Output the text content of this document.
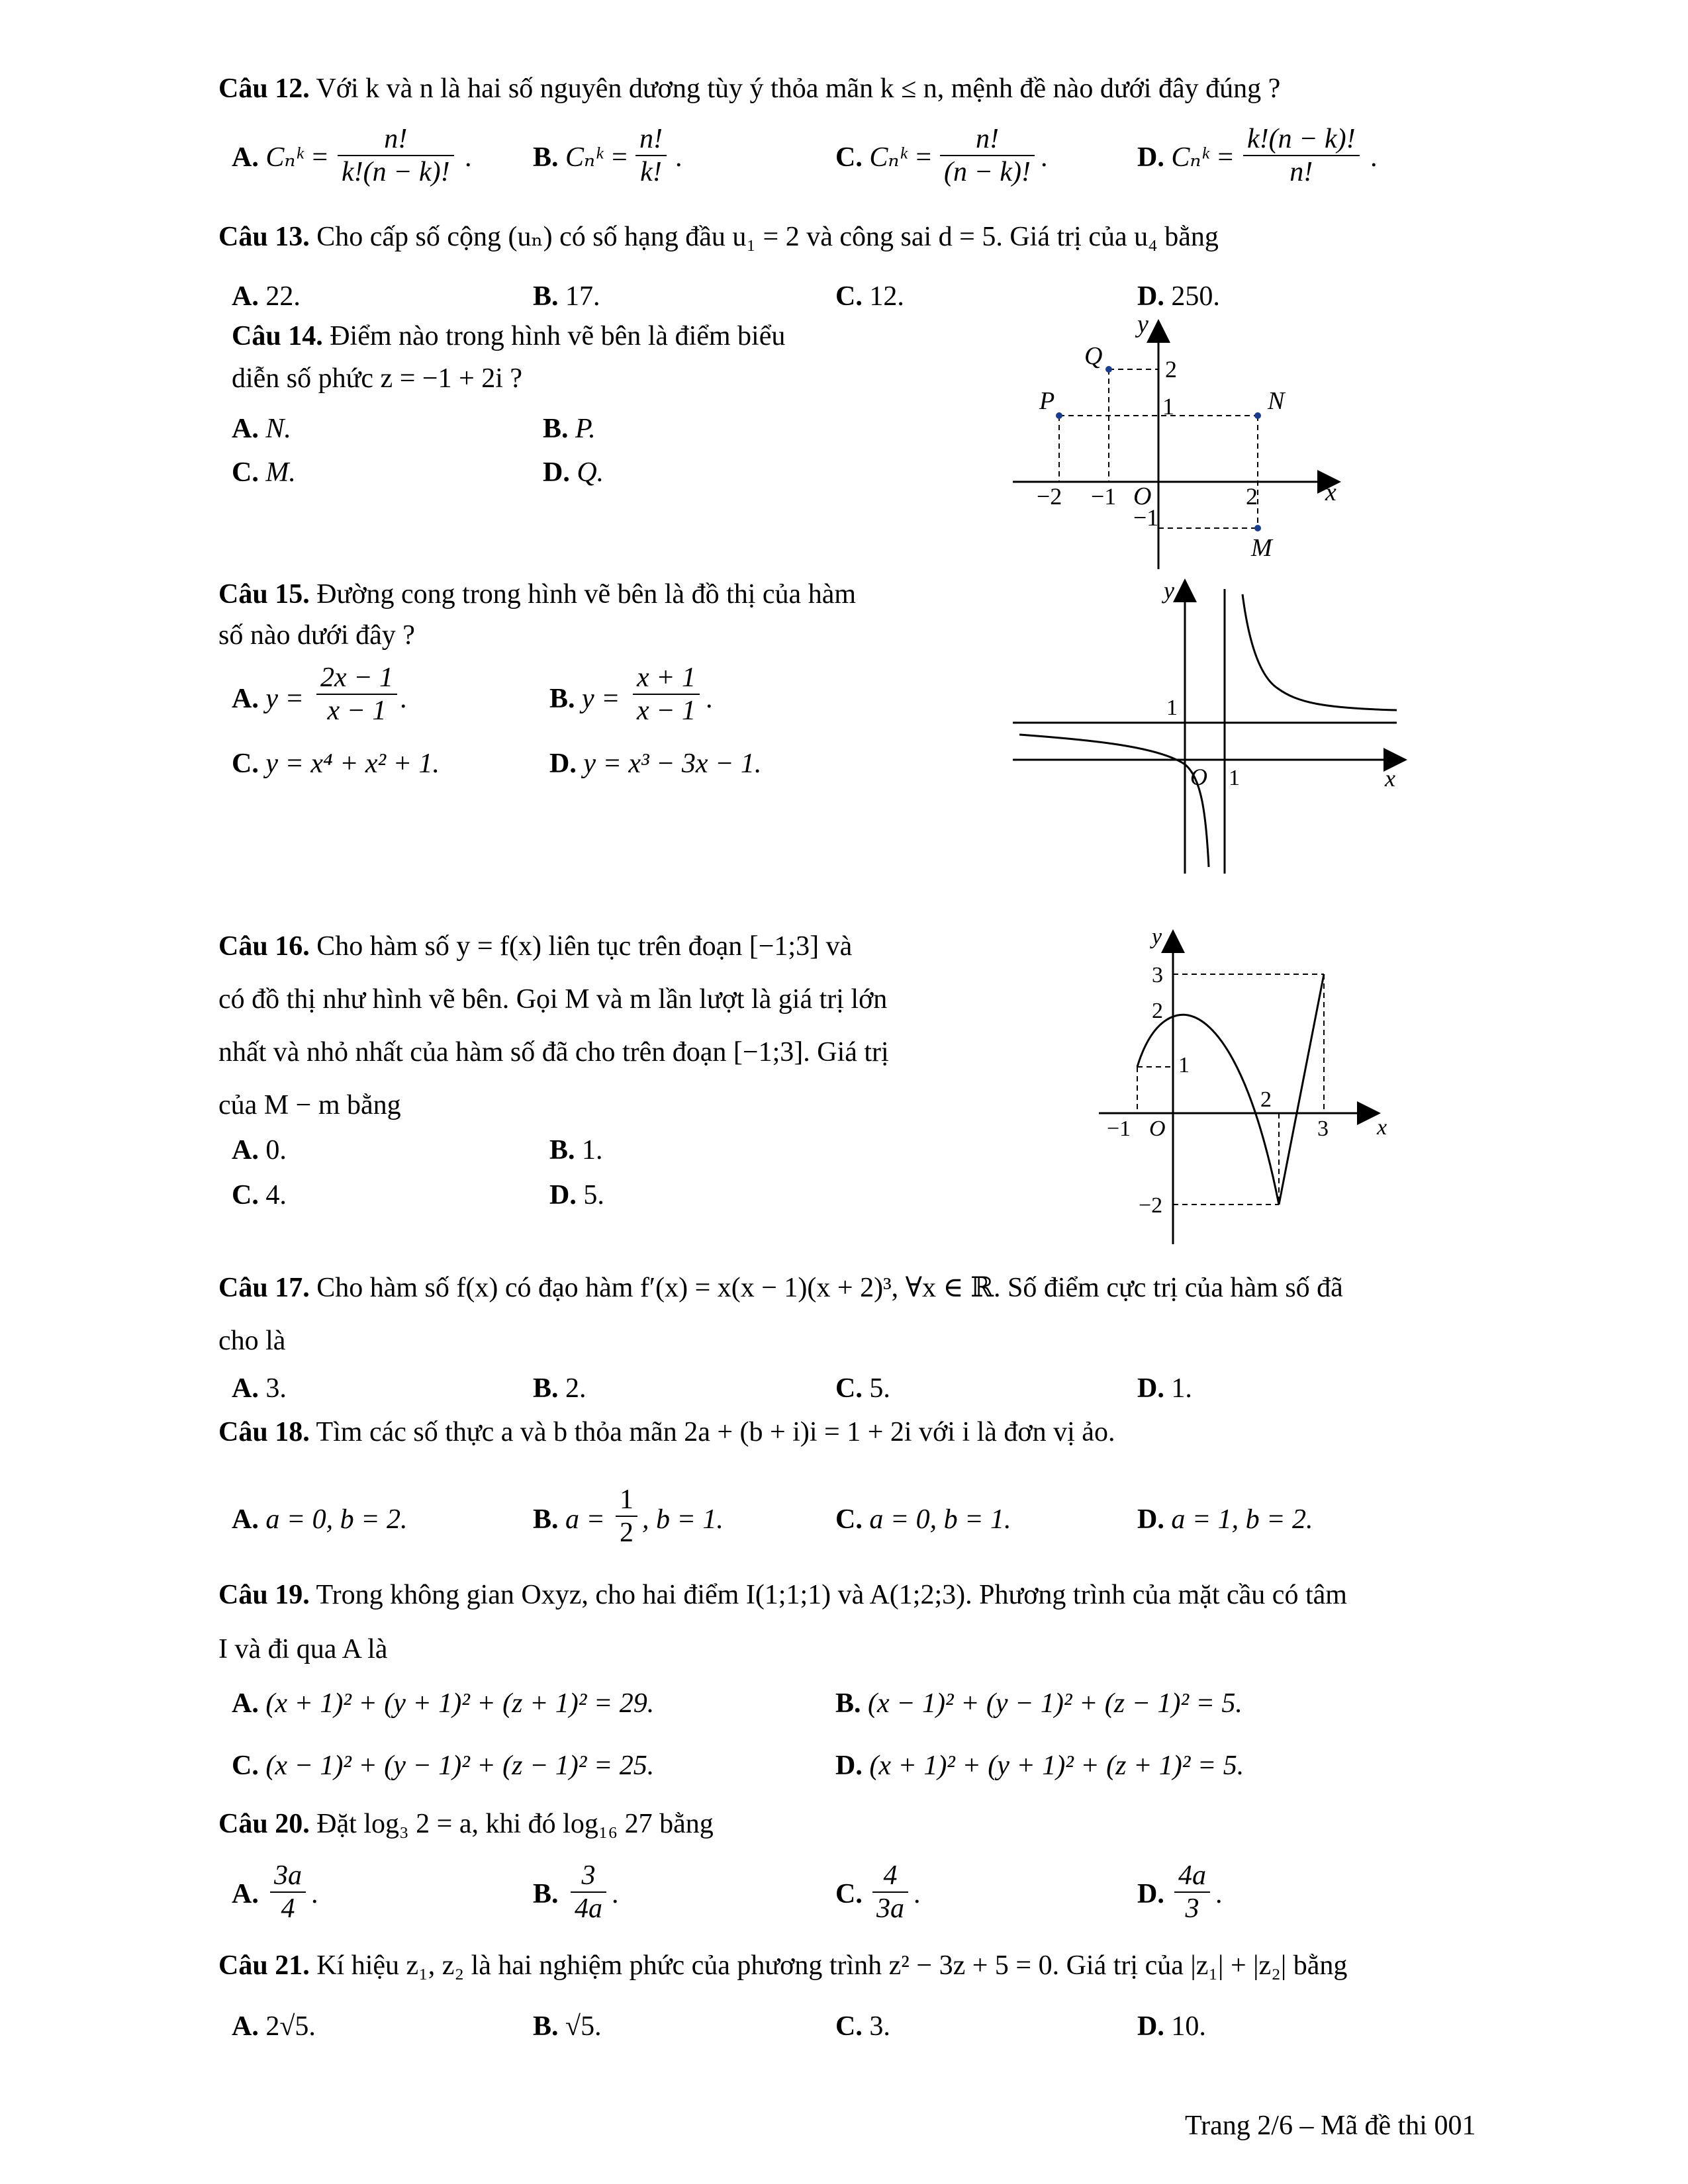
Câu 12. Với k và n là hai số nguyên dương tùy ý thỏa mãn k ≤ n, mệnh đề nào dưới đây đúng ?
A. Cₙᵏ = $\frac{n!}{k!(n - k)!}$ . B. Cₙᵏ = $\frac{n!}{k!}$ .	C. Cₙᵏ = $\frac{n!}{(n - k)!}$ .	D. Cₙᵏ = $\frac{k!(n - k)!}{n!}$ .
Câu 13. Cho cấp số cộng (uₙ) có số hạng đầu u₁ = 2 và công sai d = 5. Giá trị của u₄ bằng
A. 22.	B. 17.	C. 12.	D. 250.
Câu 14. Điểm nào trong hình vẽ bên là điểm biểu
diễn số phức z = −1 + 2i ?
A. N.	B. P.
C. M.	D. Q.
y
x
O
Q
P	N
M
2
1
−1
−2 −1	2
Câu 15. Đường cong trong hình vẽ bên là đồ thị của hàm
số nào dưới đây ?
A. $y = \frac{2x - 1}{x - 1}$ .	B. $y = \frac{x + 1}{x - 1}$ .
C. y = x⁴ + x² + 1.	D. y = x³ − 3x − 1.
y
x
O
1
1
Câu 16. Cho hàm số y = f(x) liên tục trên đoạn [−1;3] và
có đồ thị như hình vẽ bên. Gọi M và m lần lượt là giá trị lớn
nhất và nhỏ nhất của hàm số đã cho trên đoạn [−1;3]. Giá trị
của M − m bằng
A. 0.	B. 1.
C. 4.	D. 5.
y
x
O
3
2
1
−2
−1
2
3
Câu 17. Cho hàm số f(x) có đạo hàm f′(x) = x(x − 1)(x + 2)³, ∀x ∈ ℝ. Số điểm cực trị của hàm số đã
cho là
A. 3.	B. 2.	C. 5.	D. 1.
Câu 18. Tìm các số thực a và b thỏa mãn 2a + (b + i)i = 1 + 2i với i là đơn vị ảo.
A. a = 0, b = 2.	B. $a = \frac{1}{2}$ , b = 1.	C. a = 0, b = 1.	D. a = 1, b = 2.
Câu 19. Trong không gian Oxyz, cho hai điểm I(1;1;1) và A(1;2;3). Phương trình của mặt cầu có tâm
I và đi qua A là
A. (x + 1)² + (y + 1)² + (z + 1)² = 29.	B. (x − 1)² + (y − 1)² + (z − 1)² = 5.
C. (x − 1)² + (y − 1)² + (z − 1)² = 25.	D. (x + 1)² + (y + 1)² + (z + 1)² = 5.
Câu 20. Đặt log₃ 2 = a, khi đó log₁₆ 27 bằng
A. $\frac{3a}{4}$ .	B. $\frac{3}{4a}$ .	C. $\frac{4}{3a}$ .	D. $\frac{4a}{3}$ .
Câu 21. Kí hiệu z₁, z₂ là hai nghiệm phức của phương trình z² − 3z + 5 = 0. Giá trị của |z₁| + |z₂| bằng
A. 2√5.	B. √5.	C. 3.	D. 10.
Trang 2/6 – Mã đề thi 001
